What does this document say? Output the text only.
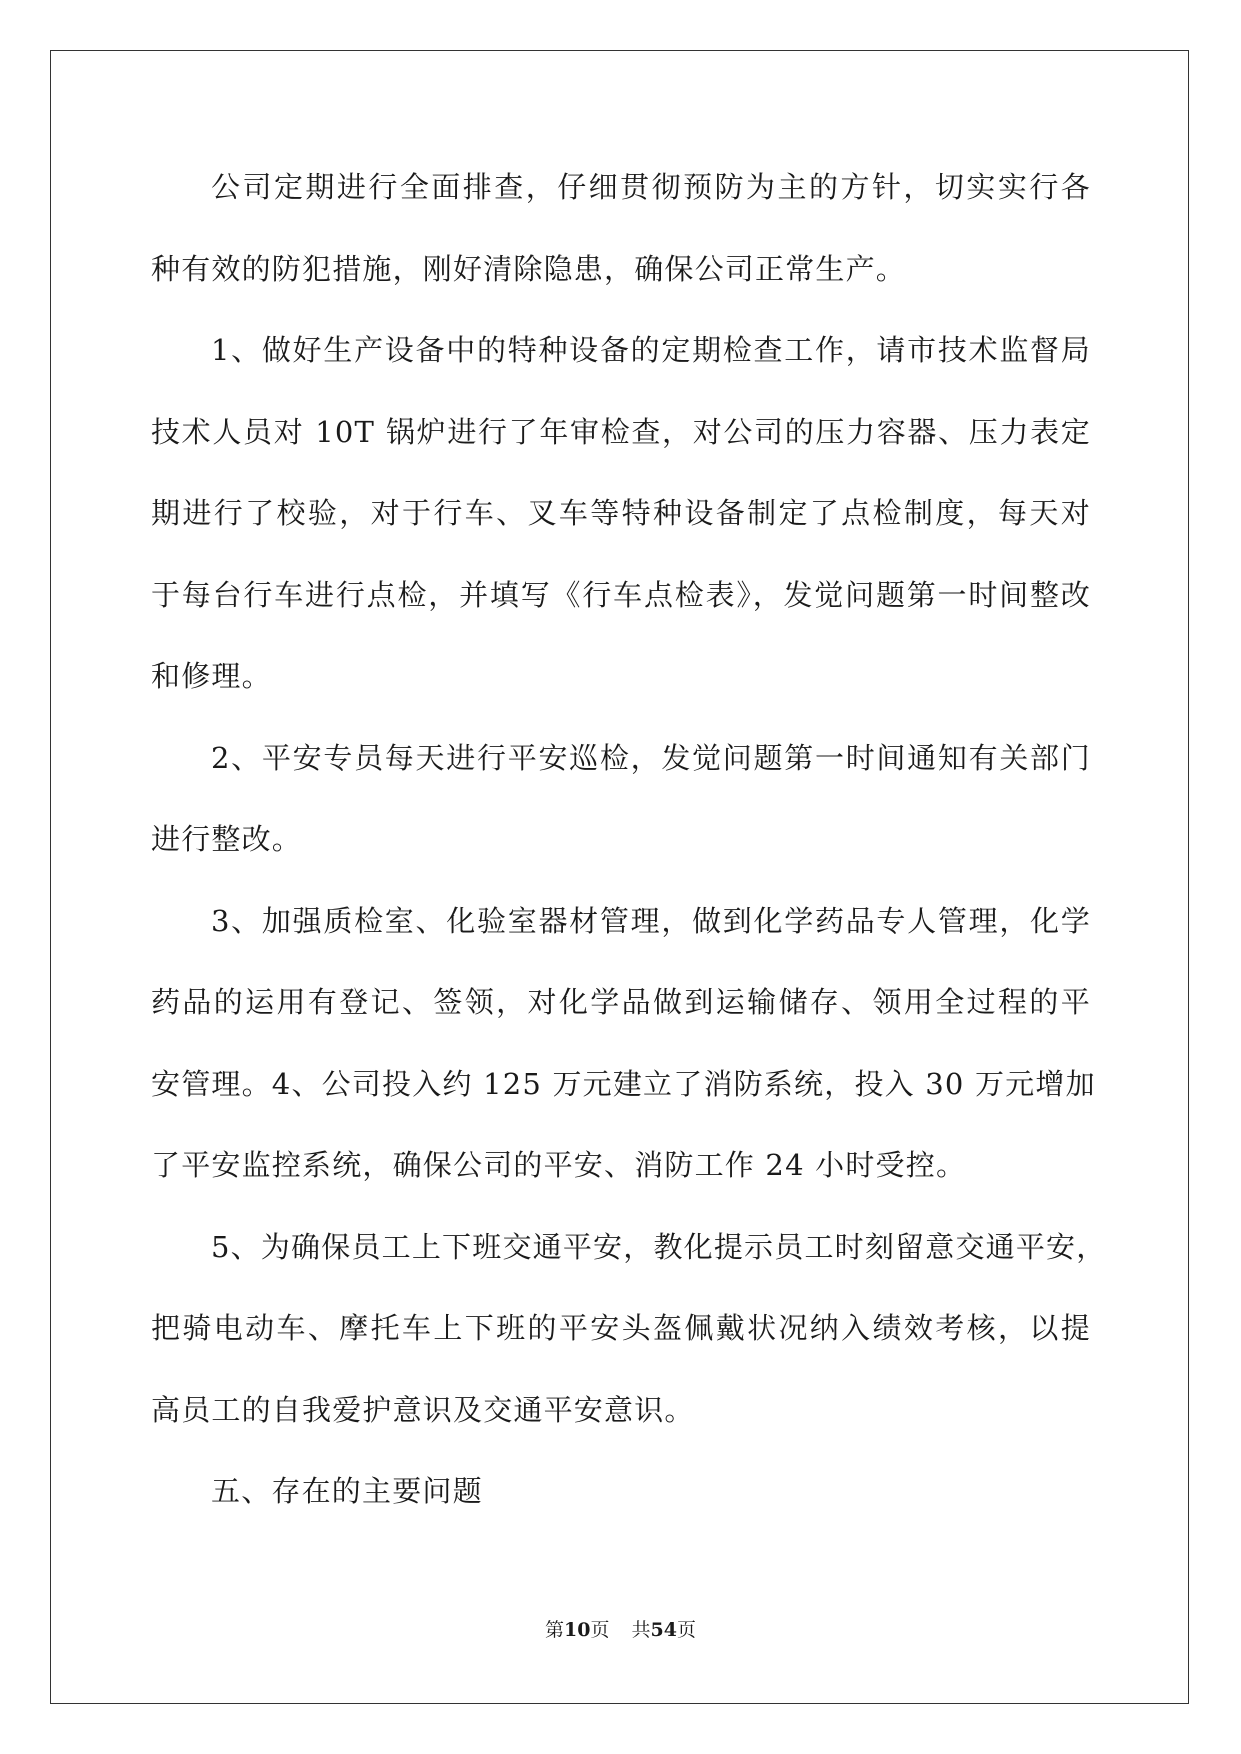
公司定期进行全面排查，仔细贯彻预防为主的方针，切实实行各
种有效的防犯措施，刚好清除隐患，确保公司正常生产。
1、做好生产设备中的特种设备的定期检查工作，请市技术监督局
技术人员对 10T 锅炉进行了年审检查，对公司的压力容器、压力表定
期进行了校验，对于行车、叉车等特种设备制定了点检制度，每天对
于每台行车进行点检，并填写《行车点检表》，发觉问题第一时间整改
和修理。
2、平安专员每天进行平安巡检，发觉问题第一时间通知有关部门
进行整改。
3、加强质检室、化验室器材管理，做到化学药品专人管理，化学
药品的运用有登记、签领，对化学品做到运输储存、领用全过程的平
安管理。4、公司投入约 125 万元建立了消防系统，投入 30 万元增加
了平安监控系统，确保公司的平安、消防工作 24 小时受控。
5、为确保员工上下班交通平安，教化提示员工时刻留意交通平安，
把骑电动车、摩托车上下班的平安头盔佩戴状况纳入绩效考核，以提
高员工的自我爱护意识及交通平安意识。
五、存在的主要问题
第10页 共54页
